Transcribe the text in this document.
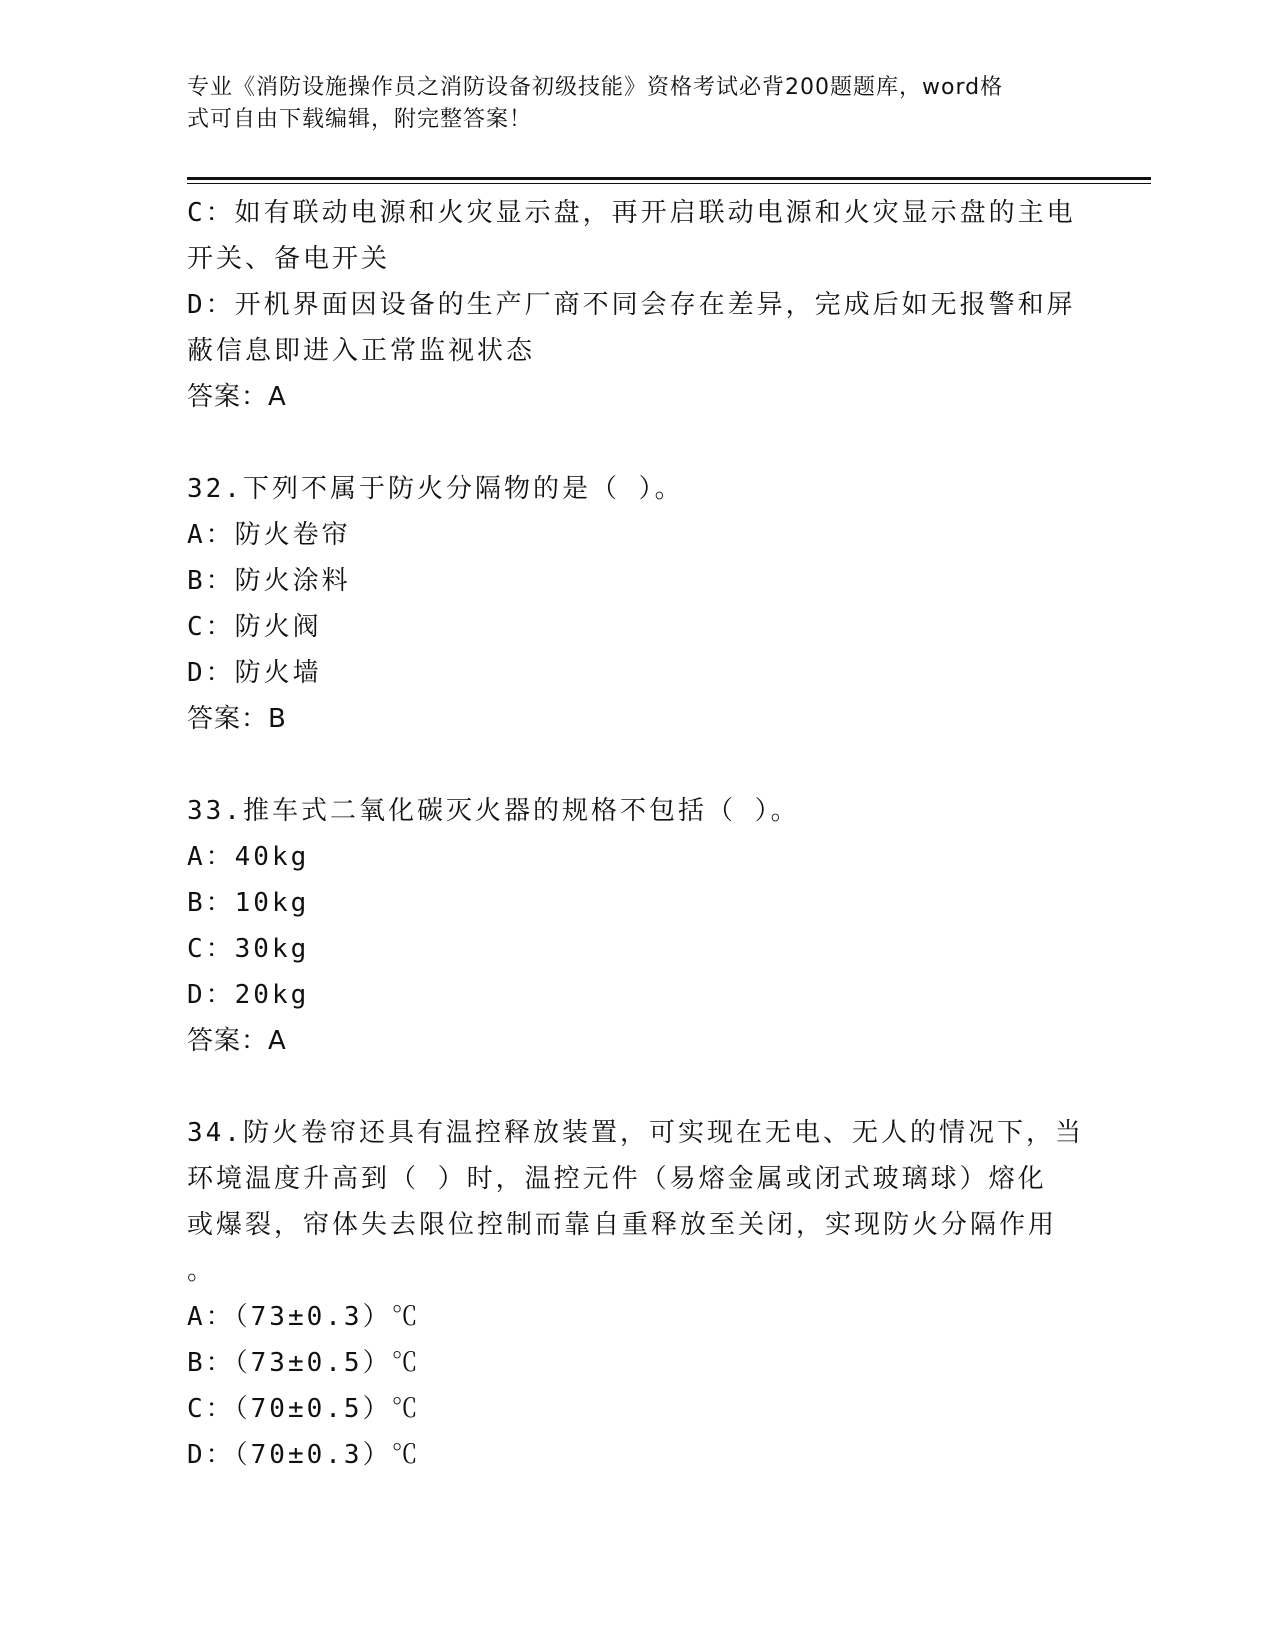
专业《消防设施操作员之消防设备初级技能》资格考试必背200题题库，word格
式可自由下载编辑，附完整答案！
C：如有联动电源和火灾显示盘，再开启联动电源和火灾显示盘的主电
开关、备电开关
D：开机界面因设备的生产厂商不同会存在差异，完成后如无报警和屏
蔽信息即进入正常监视状态
答案：A
32.下列不属于防火分隔物的是（ ）。
A：防火卷帘
B：防火涂料
C：防火阀
D：防火墙
答案：B
33.推车式二氧化碳灭火器的规格不包括（ ）。
A：40kg
B：10kg
C：30kg
D：20kg
答案：A
34.防火卷帘还具有温控释放装置，可实现在无电、无人的情况下，当
环境温度升高到（ ）时，温控元件（易熔金属或闭式玻璃球）熔化
或爆裂，帘体失去限位控制而靠自重释放至关闭，实现防火分隔作用
。
A：（73±0.3）℃
B：（73±0.5）℃
C：（70±0.5）℃
D：（70±0.3）℃
